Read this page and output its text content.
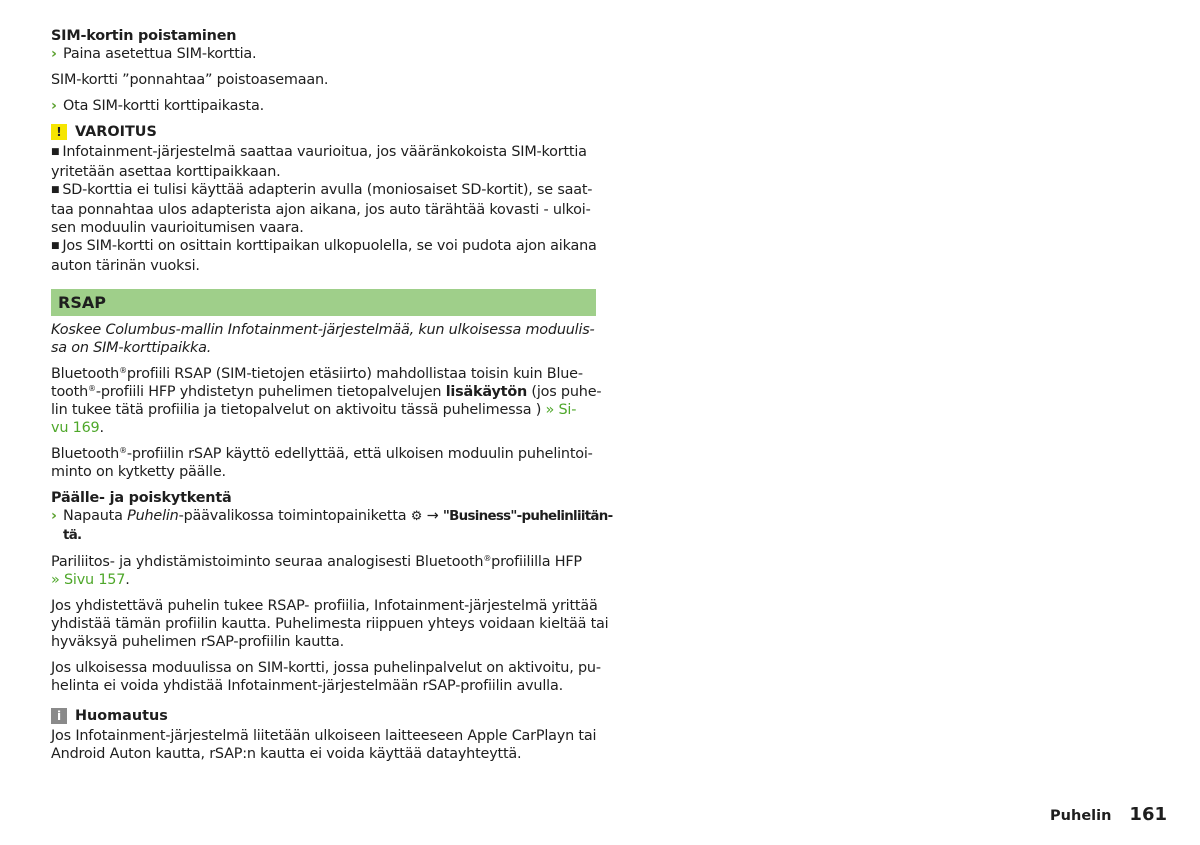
SIM-kortin poistaminen
› Paina asetettua SIM-korttia.
SIM-kortti ”ponnahtaa” poistoasemaan.
› Ota SIM-kortti korttipaikasta.
! VAROITUS
■ Infotainment-järjestelmä saattaa vaurioitua, jos vääränkokoista SIM-korttia
yritetään asettaa korttipaikkaan.
■ SD-korttia ei tulisi käyttää adapterin avulla (moniosaiset SD-kortit), se saat-
taa ponnahtaa ulos adapterista ajon aikana, jos auto tärähtää kovasti - ulkoi-
sen moduulin vaurioitumisen vaara.
■ Jos SIM-kortti on osittain korttipaikan ulkopuolella, se voi pudota ajon aikana
auton tärinän vuoksi.
RSAP
Koskee Columbus-mallin Infotainment-järjestelmää, kun ulkoisessa moduulis-
sa on SIM-korttipaikka.
Bluetooth®profiili RSAP (SIM-tietojen etäsiirto) mahdollistaa toisin kuin Blue-
tooth®-profiili HFP yhdistetyn puhelimen tietopalvelujen lisäkäytön (jos puhe-
lin tukee tätä profiilia ja tietopalvelut on aktivoitu tässä puhelimessa ) » Si-
vu 169.
Bluetooth®-profiilin rSAP käyttö edellyttää, että ulkoisen moduulin puhelintoi-
minto on kytketty päälle.
Päälle- ja poiskytkentä
› Napauta Puhelin-päävalikossa toimintopainiketta ⚙ → "Business"-puhelinliitän-
tä.
Pariliitos- ja yhdistämistoiminto seuraa analogisesti Bluetooth®profiililla HFP
» Sivu 157.
Jos yhdistettävä puhelin tukee RSAP- profiilia, Infotainment-järjestelmä yrittää
yhdistää tämän profiilin kautta. Puhelimesta riippuen yhteys voidaan kieltää tai
hyväksyä puhelimen rSAP-profiilin kautta.
Jos ulkoisessa moduulissa on SIM-kortti, jossa puhelinpalvelut on aktivoitu, pu-
helinta ei voida yhdistää Infotainment-järjestelmään rSAP-profiilin avulla.
i Huomautus
Jos Infotainment-järjestelmä liitetään ulkoiseen laitteeseen Apple CarPlayn tai
Android Auton kautta, rSAP:n kautta ei voida käyttää datayhteyttä.
Puhelin 161
